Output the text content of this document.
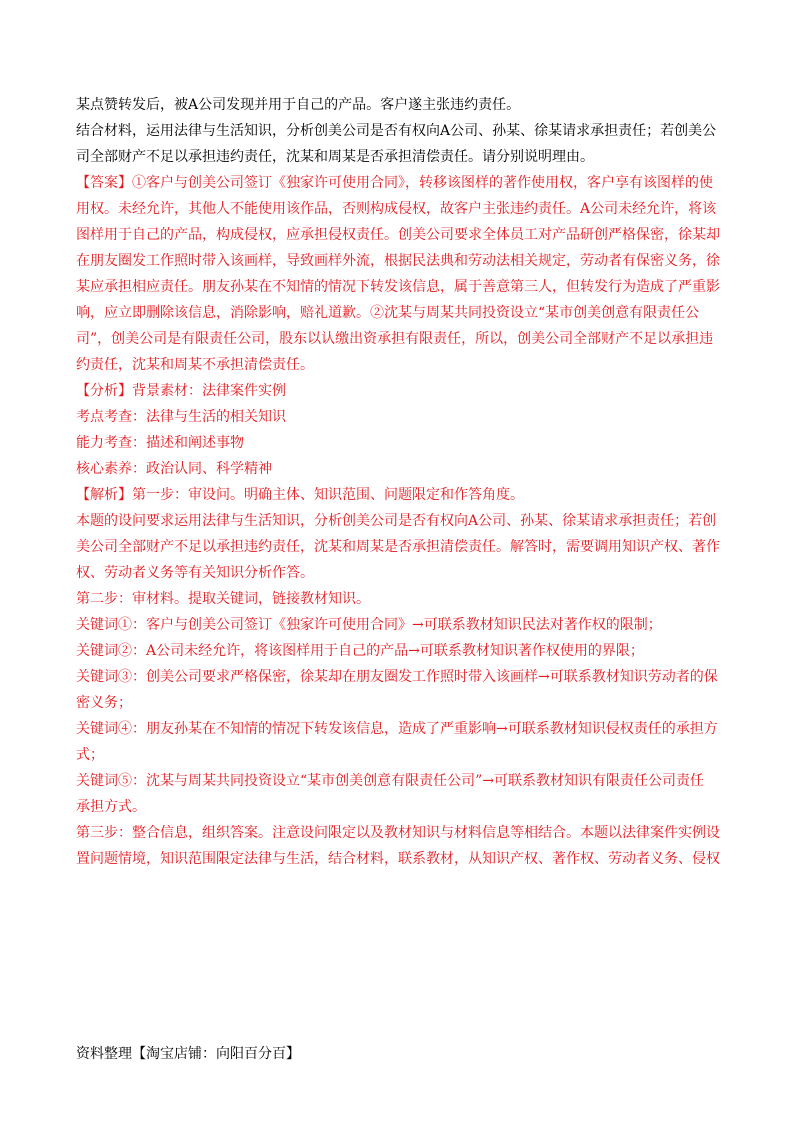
某点赞转发后，被A公司发现并用于自己的产品。客户遂主张违约责任。
结合材料，运用法律与生活知识，分析创美公司是否有权向A公司、孙某、徐某请求承担责任；若创美公
司全部财产不足以承担违约责任，沈某和周某是否承担清偿责任。请分别说明理由。
【答案】①客户与创美公司签订《独家许可使用合同》，转移该图样的著作使用权，客户享有该图样的使
用权。未经允许，其他人不能使用该作品，否则构成侵权，故客户主张违约责任。A公司未经允许，将该
图样用于自己的产品，构成侵权，应承担侵权责任。创美公司要求全体员工对产品研创严格保密，徐某却
在朋友圈发工作照时带入该画样，导致画样外流，根据民法典和劳动法相关规定，劳动者有保密义务，徐
某应承担相应责任。朋友孙某在不知情的情况下转发该信息，属于善意第三人，但转发行为造成了严重影
响，应立即删除该信息，消除影响，赔礼道歉。②沈某与周某共同投资设立“某市创美创意有限责任公
司”，创美公司是有限责任公司，股东以认缴出资承担有限责任，所以，创美公司全部财产不足以承担违
约责任，沈某和周某不承担清偿责任。
【分析】背景素材：法律案件实例
考点考查：法律与生活的相关知识
能力考查：描述和阐述事物
核心素养：政治认同、科学精神
【解析】第一步：审设问。明确主体、知识范围、问题限定和作答角度。
本题的设问要求运用法律与生活知识，分析创美公司是否有权向A公司、孙某、徐某请求承担责任；若创
美公司全部财产不足以承担违约责任，沈某和周某是否承担清偿责任。解答时，需要调用知识产权、著作
权、劳动者义务等有关知识分析作答。
第二步：审材料。提取关键词，链接教材知识。
关键词①：客户与创美公司签订《独家许可使用合同》→可联系教材知识民法对著作权的限制；
关键词②：A公司未经允许，将该图样用于自己的产品→可联系教材知识著作权使用的界限；
关键词③：创美公司要求严格保密，徐某却在朋友圈发工作照时带入该画样→可联系教材知识劳动者的保
密义务；
关键词④：朋友孙某在不知情的情况下转发该信息，造成了严重影响→可联系教材知识侵权责任的承担方
式；
关键词⑤：沈某与周某共同投资设立“某市创美创意有限责任公司”→可联系教材知识有限责任公司责任
承担方式。
第三步：整合信息，组织答案。注意设问限定以及教材知识与材料信息等相结合。本题以法律案件实例设
置问题情境，知识范围限定法律与生活，结合材料，联系教材，从知识产权、著作权、劳动者义务、侵权
资料整理【淘宝店铺：向阳百分百】
